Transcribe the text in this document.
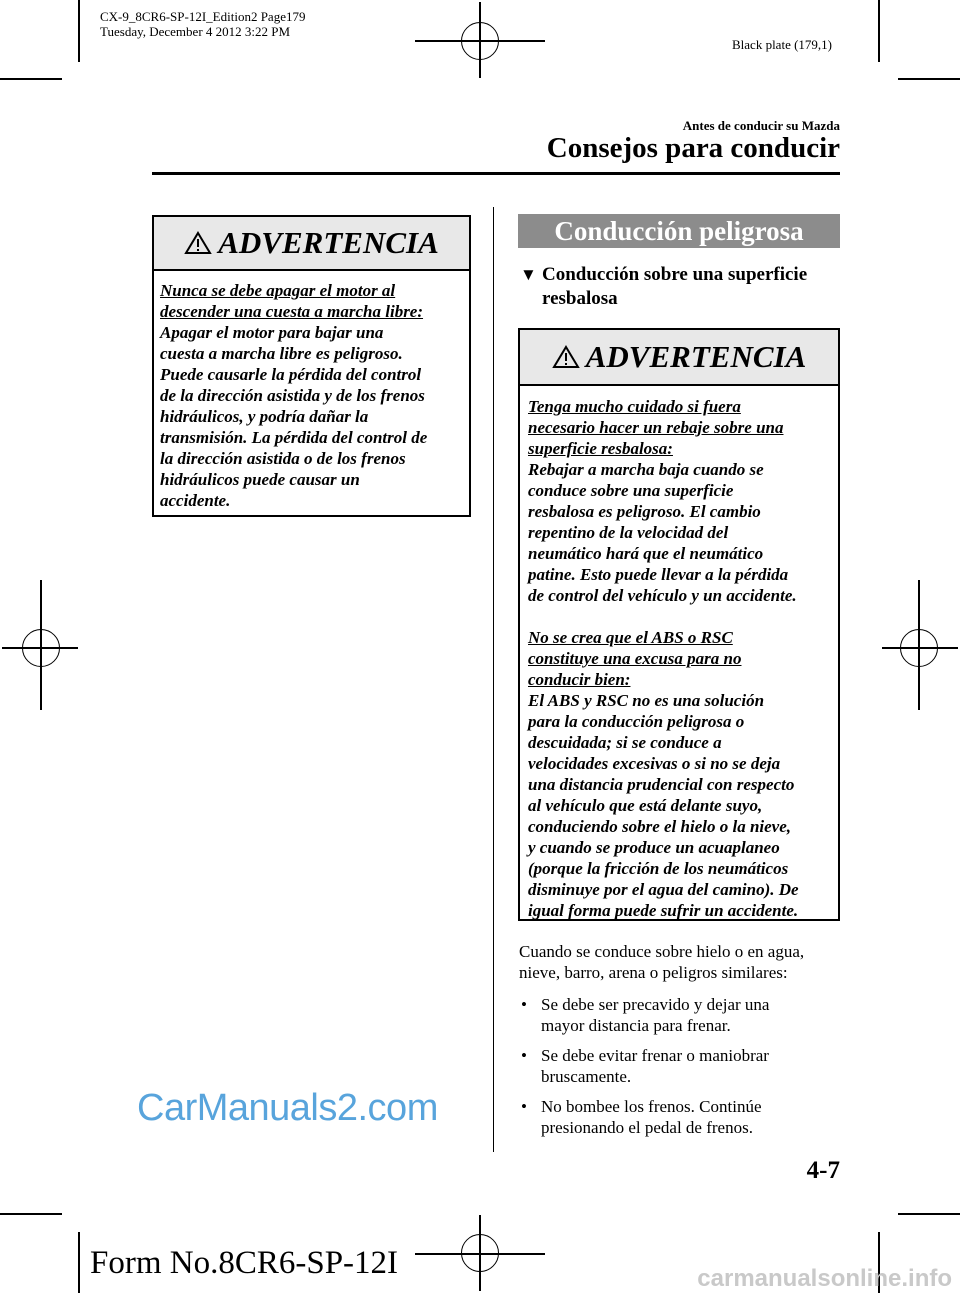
CX-9_8CR6-SP-12I_Edition2 Page179
Tuesday, December 4 2012 3:22 PM
Black plate (179,1)
Antes de conducir su Mazda
Consejos para conducir
ADVERTENCIA
Nunca se debe apagar el motor al
descender una cuesta a marcha libre:
Apagar el motor para bajar una
cuesta a marcha libre es peligroso.
Puede causarle la pérdida del control
de la dirección asistida y de los frenos
hidráulicos, y podría dañar la
transmisión. La pérdida del control de
la dirección asistida o de los frenos
hidráulicos puede causar un
accidente.
Conducción peligrosa
▼ Conducción sobre una superficie
resbalosa
ADVERTENCIA
Tenga mucho cuidado si fuera
necesario hacer un rebaje sobre una
superficie resbalosa:
Rebajar a marcha baja cuando se
conduce sobre una superficie
resbalosa es peligroso. El cambio
repentino de la velocidad del
neumático hará que el neumático
patine. Esto puede llevar a la pérdida
de control del vehículo y un accidente.
No se crea que el ABS o RSC
constituye una excusa para no
conducir bien:
El ABS y RSC no es una solución
para la conducción peligrosa o
descuidada; si se conduce a
velocidades excesivas o si no se deja
una distancia prudencial con respecto
al vehículo que está delante suyo,
conduciendo sobre el hielo o la nieve,
y cuando se produce un acuaplaneo
(porque la fricción de los neumáticos
disminuye por el agua del camino). De
igual forma puede sufrir un accidente.
Cuando se conduce sobre hielo o en agua,
nieve, barro, arena o peligros similares:
• Se debe ser precavido y dejar una
mayor distancia para frenar.
• Se debe evitar frenar o maniobrar
bruscamente.
• No bombee los frenos. Continúe
presionando el pedal de frenos.
4-7
Form No.8CR6-SP-12I
CarManuals2.com
carmanualsonline.info
